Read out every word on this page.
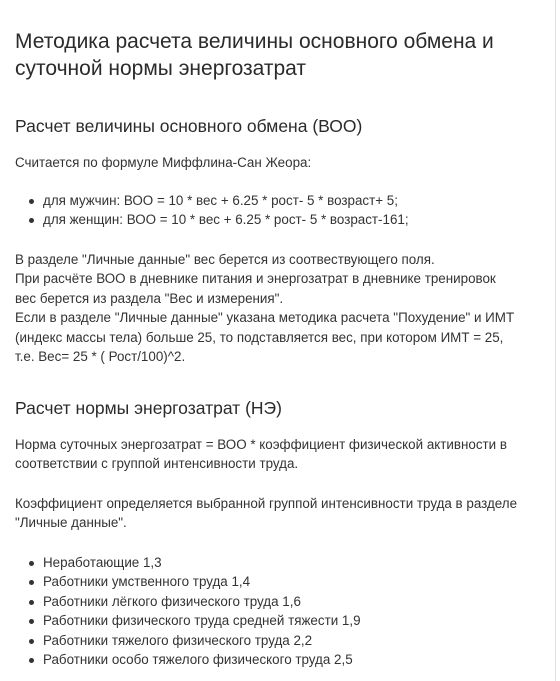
Методика расчета величины основного обмена и
суточной нормы энергозатрат
Расчет величины основного обмена (ВОО)

Считается по формуле Миффлина-Сан Жеора:

для мужчин: ВОО = 10 * вес + 6.25 * рост- 5 * возраст+ 5;
для женщин: ВОО = 10 * вес + 6.25 * рост- 5 * возраст-161;

В разделе "Личные данные" вес берется из соотвествующего поля.
При расчёте ВОО в дневнике питания и энергозатрат в дневнике тренировок
вес берется из раздела "Вес и измерения".
Если в разделе "Личные данные" указана методика расчета "Похудение" и ИМТ
(индекс массы тела) больше 25, то подставляется вес, при котором ИМТ = 25,
т.е. Вес= 25 * ( Рост/100)^2.

Расчет нормы энергозатрат (НЭ)

Норма суточных энергозатрат = ВОО * коэффициент физической активности в
соответствии с группой интенсивности труда.

Коэффициент определяется выбранной группой интенсивности труда в разделе
"Личные данные".

Неработающие 1,3
Работники умственного труда 1,4
Работники лёгкого физического труда 1,6
Работники физического труда средней тяжести 1,9
Работники тяжелого физического труда 2,2
Работники особо тяжелого физического труда 2,5
